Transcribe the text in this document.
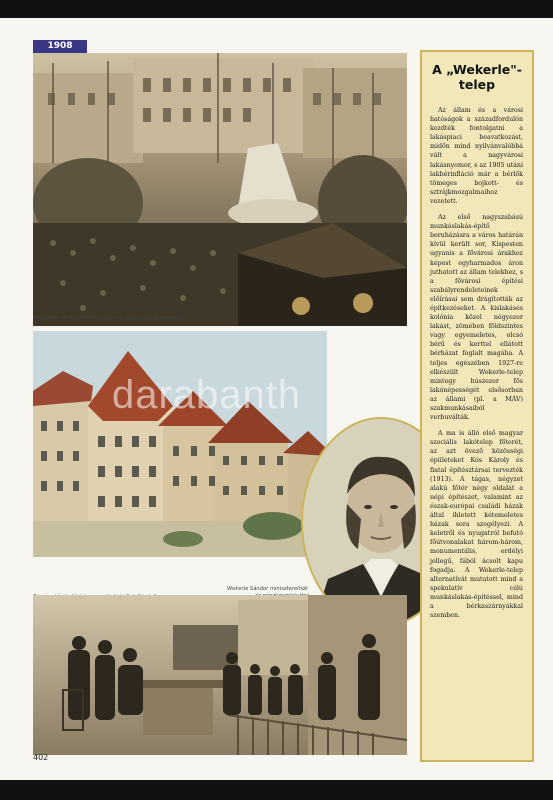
1908
Kallós Ede és Telcs Ede Vörösmarty-szobrának leleplezése.
Wekerle Sándor miniszterelnök
A „Wekerle"-telep

Az állam és a városi hatóságok a századfordulón kezdték fontolgatni a lakáspiaci beavatkozást, midőn mind nyilvánvalóbbá vált a nagyvárosi lakásnyomor, s az 1905 utáni lakbérinfláció már a bérlők tömeges bojkott- és sztrájkmozgalmaihoz vezetett.

Az első nagyszabású munkáslakás-építő beruházásra a város határán kívül került sor, Kispesten ugyanis a fővárosi árakhoz képest egyharmados áron juthatott az állam telekhez, s a fővárosi építési szabályrendeleteinek előírásai sem drágították az építkezéseket. A kislakásos kolónia közel négyezer lakást, zömében földszintes vagy egyemeletes, olcsó bérű és kerttel ellátott bérházat foglalt magába. A teljes egészében 1927-re elkészült Wekerle-telep mintegy húszezer fős lakónépességét elsősorban az állami (pl. a MÁV) szakmunkásaiból verbuválták.

A ma is álló első magyar szociális lakótelep főterét, az azt övező közösségi épületeket Kós Károly és fiatal építésztársai tervezték (1913). A tágas, négyzet alakú főtér négy oldalát a népi építészet, valamint az észak-európai családi házak által ihletett kétemeletes házak sora szegélyezi. A keletről és nyugatról befutó főútvonalakat három-három, monumentális, erdélyi jellegű, fából ácsolt kapu fogadja. A Wekerle-telep alternatívát mutatott mind a spekulatív célú munkáslakás-építéssel, mind a bérkaszárnyákkal szemben.

darabanth
402
